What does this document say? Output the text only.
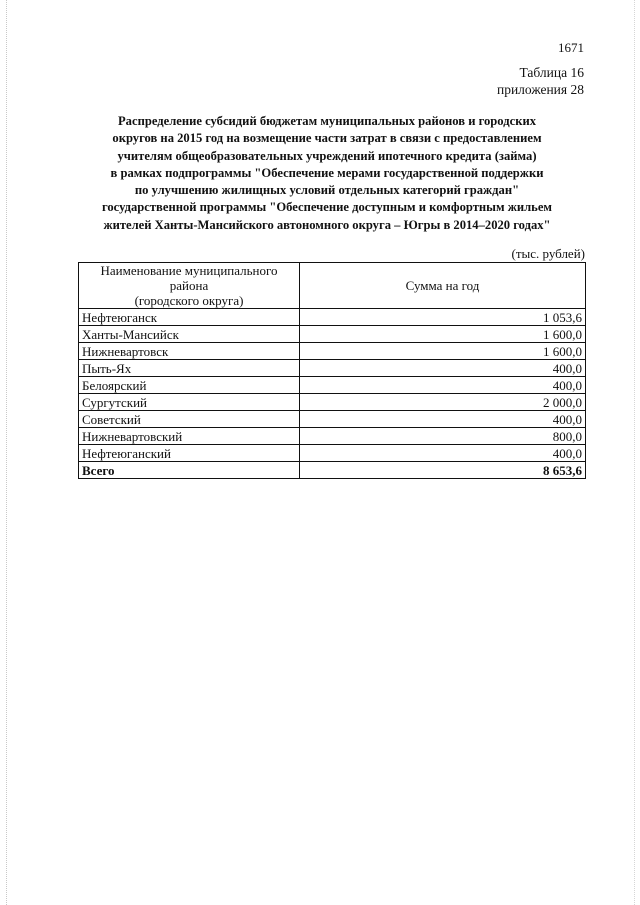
1671
Таблица 16
приложения 28
Распределение субсидий бюджетам муниципальных районов и городских
округов на 2015 год на возмещение части затрат в связи с предоставлением
учителям общеобразовательных учреждений ипотечного кредита (займа)
в рамках подпрограммы "Обеспечение мерами государственной поддержки
по улучшению жилищных условий отдельных категорий граждан"
государственной программы "Обеспечение доступным и комфортным жильем
жителей Ханты-Мансийского автономного округа – Югры в 2014–2020 годах"
(тыс. рублей)
Наименование муниципального района
(городского округа)	Сумма на год
Нефтеюганск	1 053,6
Ханты-Мансийск	1 600,0
Нижневартовск	1 600,0
Пыть-Ях	400,0
Белоярский	400,0
Сургутский	2 000,0
Советский	400,0
Нижневартовский	800,0
Нефтеюганский	400,0
Всего	8 653,6
